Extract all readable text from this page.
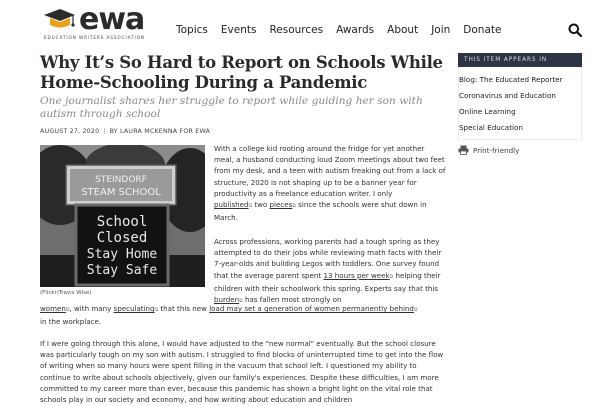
ewa
EDUCATION WRITERS ASSOCIATION
Topics Events Resources Awards About Join Donate
Why It’s So Hard to Report on Schools While Home-Schooling During a Pandemic

One journalist shares her struggle to report while guiding her son with autism through school

AUGUST 27, 2020 | BY LAURA MCKENNA FOR EWA
STEINDORF
STEAM SCHOOL
School
Closed
Stay Home
Stay Safe
(Flickr/Travis Wise)

With a college kid rooting around the fridge for yet another meal, a husband conducting loud Zoom meetings about two feet from my desk, and a teen with autism freaking out from a lack of structure, 2020 is not shaping up to be a banner year for productivity as a freelance education writer. I only
published⧉ two pieces⧉ since the schools were shut down in March.

Across professions, working parents had a tough spring as they attempted to do their jobs while reviewing math facts with their 7-year-olds and building Legos with toddlers. One survey found that the average parent spent 13 hours per week⧉ helping their children with their schoolwork this spring. Experts say that this burden⧉ has fallen most strongly on

women⧉, with many speculating⧉ that this new load may set a generation of women permanently behind⧉
in the workplace.

If I were going through this alone, I would have adjusted to the "new normal" eventually. But the school closure was particularly tough on my son with autism. I struggled to find blocks of uninterrupted time to get into the flow of writing when so many hours were spent filling in the vacuum that school left. I questioned my ability to continue to write about schools objectively, given our family's experiences. Despite these difficulties, I am more committed to my career more than ever, because this pandemic has shown a bright light on the vital role that schools play in our society and economy, and how writing about education and children

THIS ITEM APPEARS IN
Blog: The Educated Reporter
Coronavirus and Education
Online Learning
Special Education
Print-friendly
